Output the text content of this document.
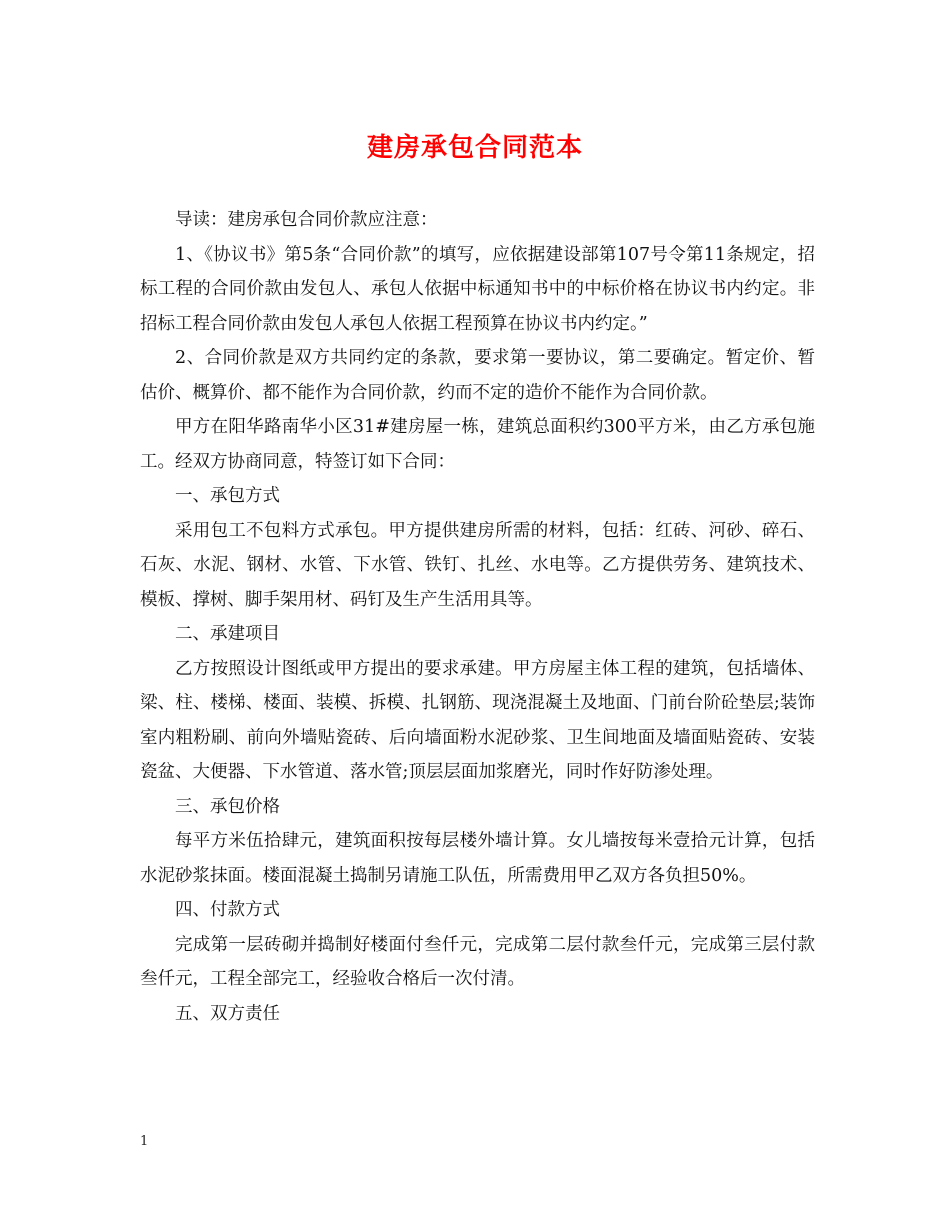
建房承包合同范本

导读：建房承包合同价款应注意：

1、《协议书》第5条“合同价款”的填写，应依据建设部第107号令第11条规定，招标工程的合同价款由发包人、承包人依据中标通知书中的中标价格在协议书内约定。非招标工程合同价款由发包人承包人依据工程预算在协议书内约定。”

2、合同价款是双方共同约定的条款，要求第一要协议，第二要确定。暂定价、暂估价、概算价、都不能作为合同价款，约而不定的造价不能作为合同价款。

甲方在阳华路南华小区31#建房屋一栋，建筑总面积约300平方米，由乙方承包施工。经双方协商同意，特签订如下合同：

一、承包方式

采用包工不包料方式承包。甲方提供建房所需的材料，包括：红砖、河砂、碎石、石灰、水泥、钢材、水管、下水管、铁钉、扎丝、水电等。乙方提供劳务、建筑技术、模板、撑树、脚手架用材、码钉及生产生活用具等。

二、承建项目

乙方按照设计图纸或甲方提出的要求承建。甲方房屋主体工程的建筑，包括墙体、梁、柱、楼梯、楼面、装模、拆模、扎钢筋、现浇混凝土及地面、门前台阶砼垫层;装饰室内粗粉刷、前向外墙贴瓷砖、后向墙面粉水泥砂浆、卫生间地面及墙面贴瓷砖、安装瓷盆、大便器、下水管道、落水管;顶层层面加浆磨光，同时作好防渗处理。

三、承包价格

每平方米伍拾肆元，建筑面积按每层楼外墙计算。女儿墙按每米壹拾元计算，包括水泥砂浆抹面。楼面混凝土捣制另请施工队伍，所需费用甲乙双方各负担50%。

四、付款方式

完成第一层砖砌并捣制好楼面付叁仟元，完成第二层付款叁仟元，完成第三层付款叁仟元，工程全部完工，经验收合格后一次付清。

五、双方责任

1
